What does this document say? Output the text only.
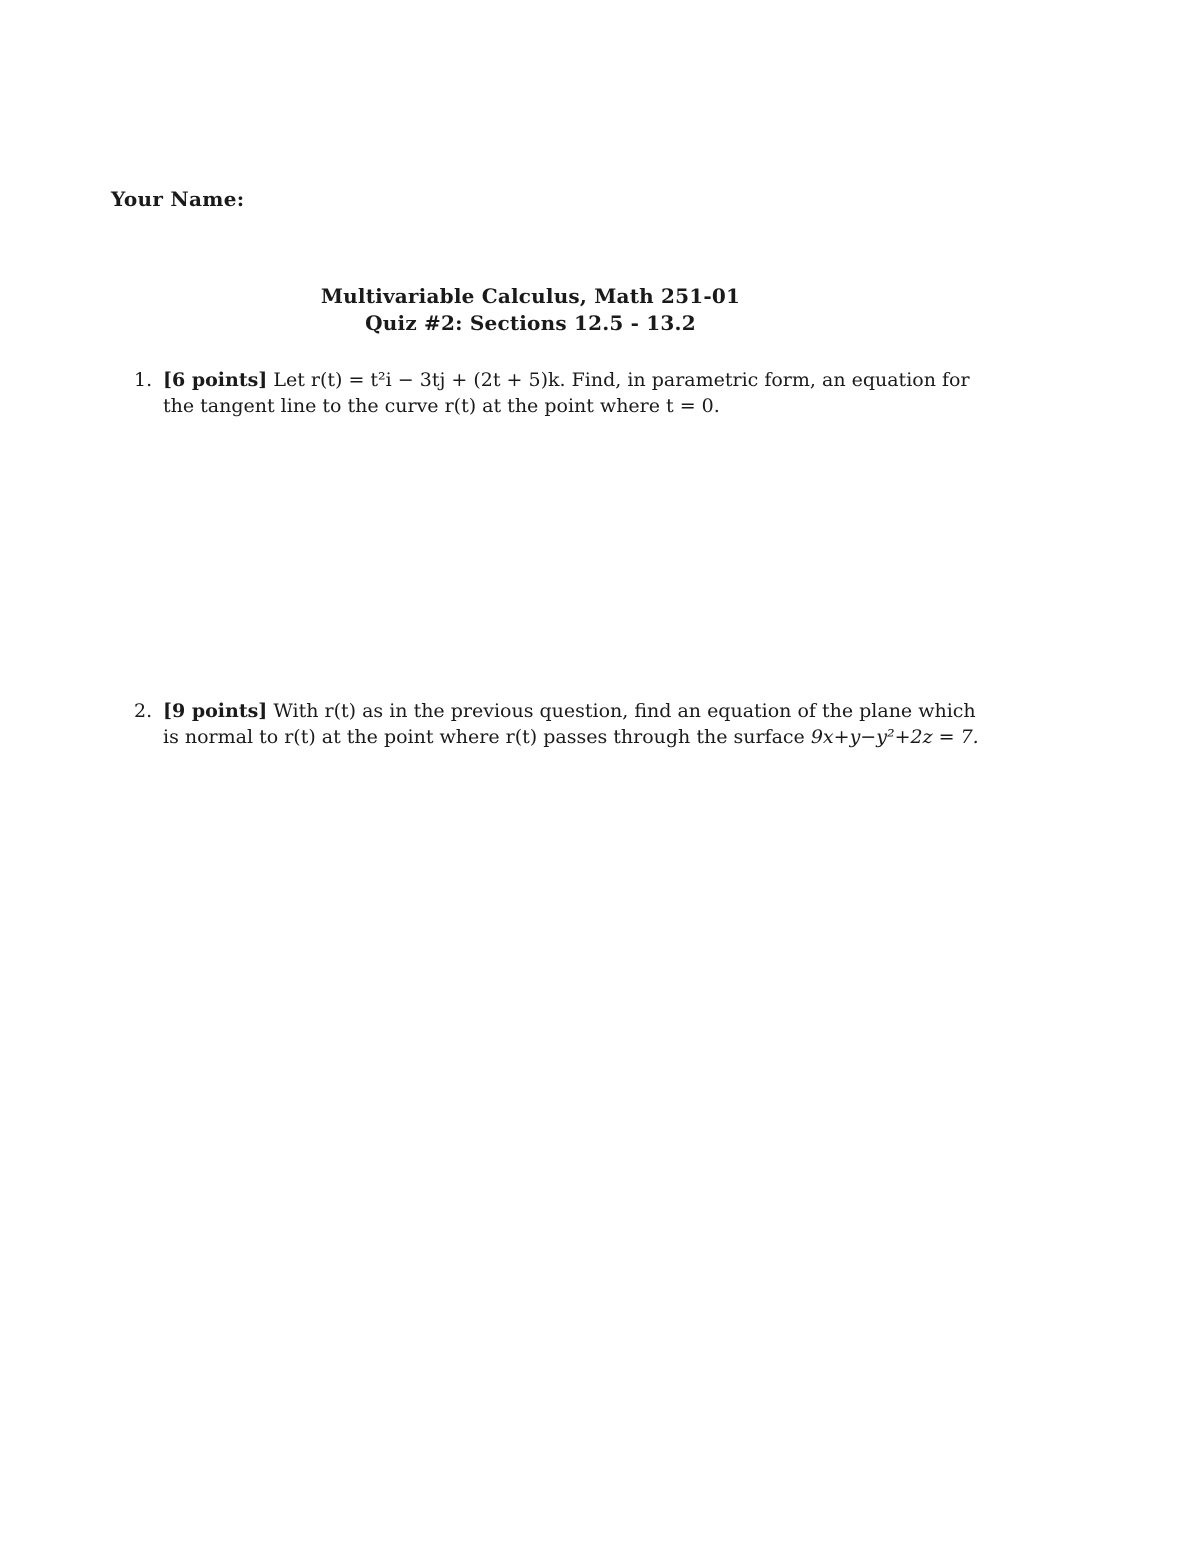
Your Name:
Multivariable Calculus, Math 251-01
Quiz #2: Sections 12.5 - 13.2
1. [6 points] Let r(t) = t²i − 3tj + (2t + 5)k. Find, in parametric form, an equation for
the tangent line to the curve r(t) at the point where t = 0.
2. [9 points] With r(t) as in the previous question, find an equation of the plane which
is normal to r(t) at the point where r(t) passes through the surface 9x+y−y²+2z = 7.
